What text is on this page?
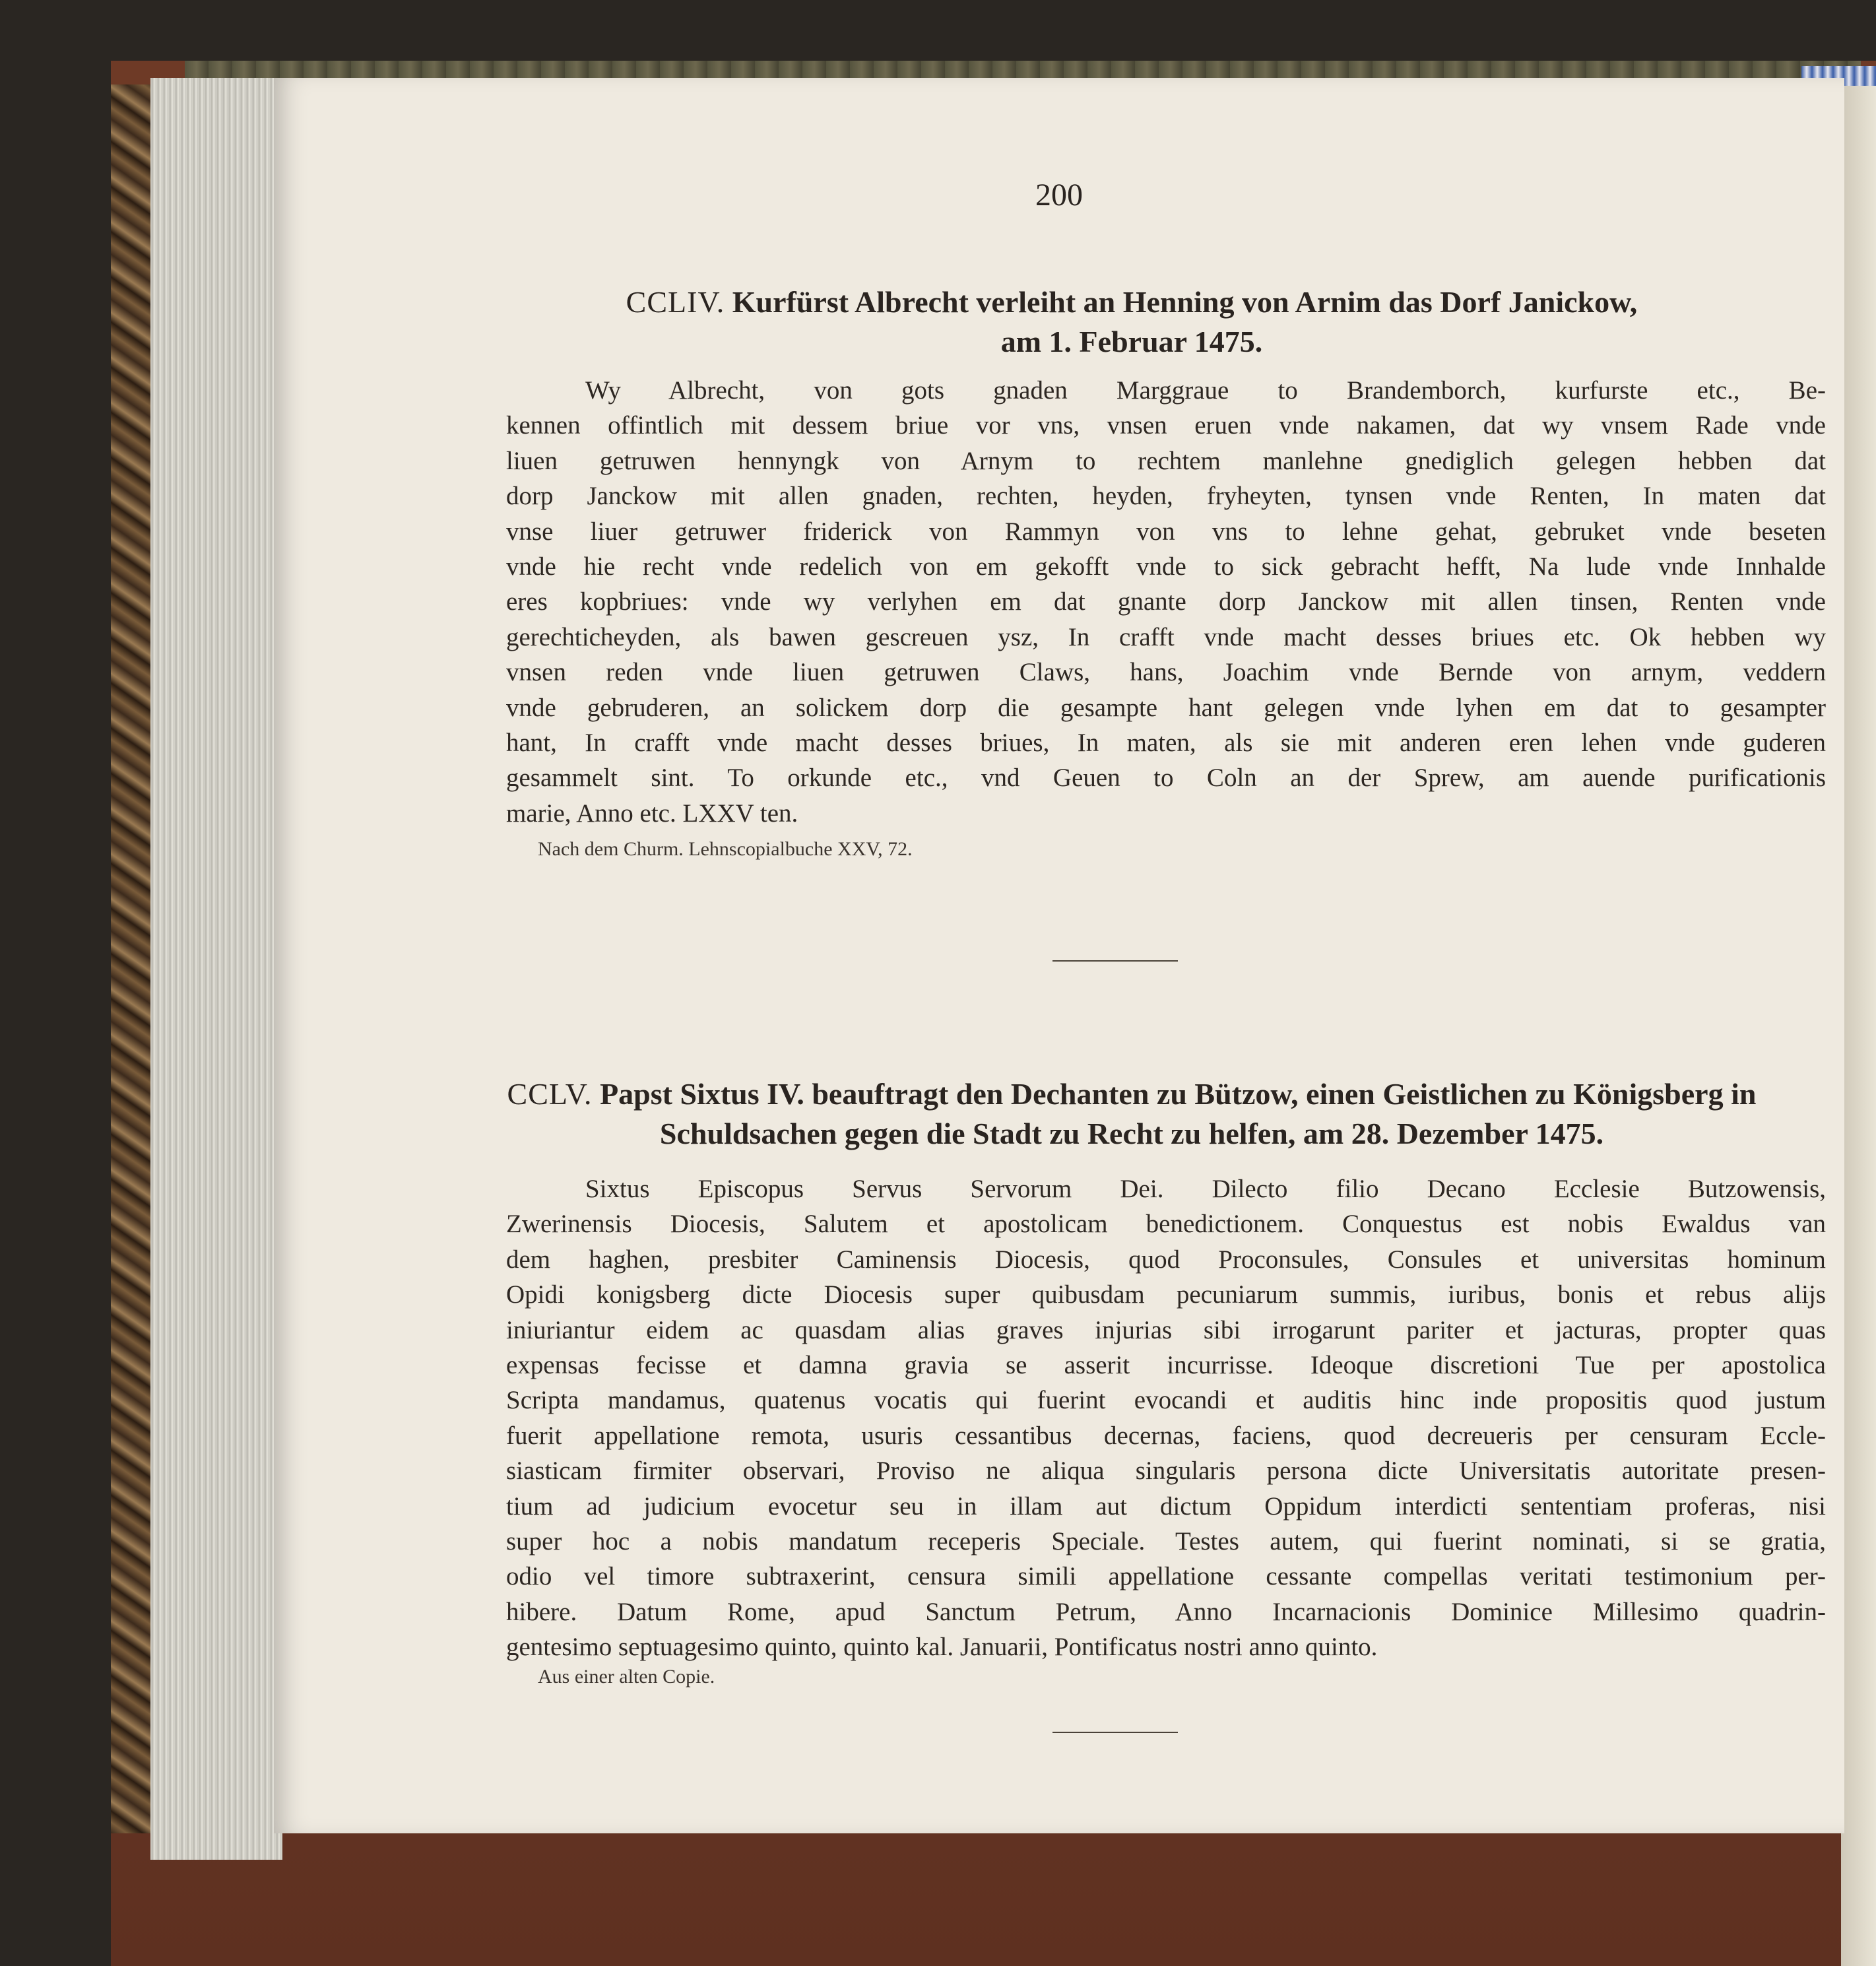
200
CCLIV. Kurfürst Albrecht verleiht an Henning von Arnim das Dorf Janickow,
am 1. Februar 1475.
Wy Albrecht, von gots gnaden Marggraue to Brandemborch, kurfurste etc., Be-
kennen offintlich mit dessem briue vor vns, vnsen eruen vnde nakamen, dat wy vnsem Rade vnde
liuen getruwen hennyngk von Arnym to rechtem manlehne gnediglich gelegen hebben dat
dorp Janckow mit allen gnaden, rechten, heyden, fryheyten, tynsen vnde Renten, In maten dat
vnse liuer getruwer friderick von Rammyn von vns to lehne gehat, gebruket vnde beseten
vnde hie recht vnde redelich von em gekofft vnde to sick gebracht hefft, Na lude vnde Innhalde
eres kopbriues: vnde wy verlyhen em dat gnante dorp Janckow mit allen tinsen, Renten vnde
gerechticheyden, als bawen gescreuen ysz, In crafft vnde macht desses briues etc. Ok hebben wy
vnsen reden vnde liuen getruwen Claws, hans, Joachim vnde Bernde von arnym, veddern
vnde gebruderen, an solickem dorp die gesampte hant gelegen vnde lyhen em dat to gesampter
hant, In crafft vnde macht desses briues, In maten, als sie mit anderen eren lehen vnde guderen
gesammelt sint. To orkunde etc., vnd Geuen to Coln an der Sprew, am auende purificationis
marie, Anno etc. LXXV ten.
Nach dem Churm. Lehnscopialbuche XXV, 72.
CCLV. Papst Sixtus IV. beauftragt den Dechanten zu Bützow, einen Geistlichen zu Königsberg in
Schuldsachen gegen die Stadt zu Recht zu helfen, am 28. Dezember 1475.
Sixtus Episcopus Servus Servorum Dei. Dilecto filio Decano Ecclesie Butzowensis,
Zwerinensis Diocesis, Salutem et apostolicam benedictionem. Conquestus est nobis Ewaldus van
dem haghen, presbiter Caminensis Diocesis, quod Proconsules, Consules et universitas hominum
Opidi konigsberg dicte Diocesis super quibusdam pecuniarum summis, iuribus, bonis et rebus alijs
iniuriantur eidem ac quasdam alias graves injurias sibi irrogarunt pariter et jacturas, propter quas
expensas fecisse et damna gravia se asserit incurrisse. Ideoque discretioni Tue per apostolica
Scripta mandamus, quatenus vocatis qui fuerint evocandi et auditis hinc inde propositis quod justum
fuerit appellatione remota, usuris cessantibus decernas, faciens, quod decreueris per censuram Eccle-
siasticam firmiter observari, Proviso ne aliqua singularis persona dicte Universitatis autoritate presen-
tium ad judicium evocetur seu in illam aut dictum Oppidum interdicti sententiam proferas, nisi
super hoc a nobis mandatum receperis Speciale. Testes autem, qui fuerint nominati, si se gratia,
odio vel timore subtraxerint, censura simili appellatione cessante compellas veritati testimonium per-
hibere. Datum Rome, apud Sanctum Petrum, Anno Incarnacionis Dominice Millesimo quadrin-
gentesimo septuagesimo quinto, quinto kal. Januarii, Pontificatus nostri anno quinto.
Aus einer alten Copie.
